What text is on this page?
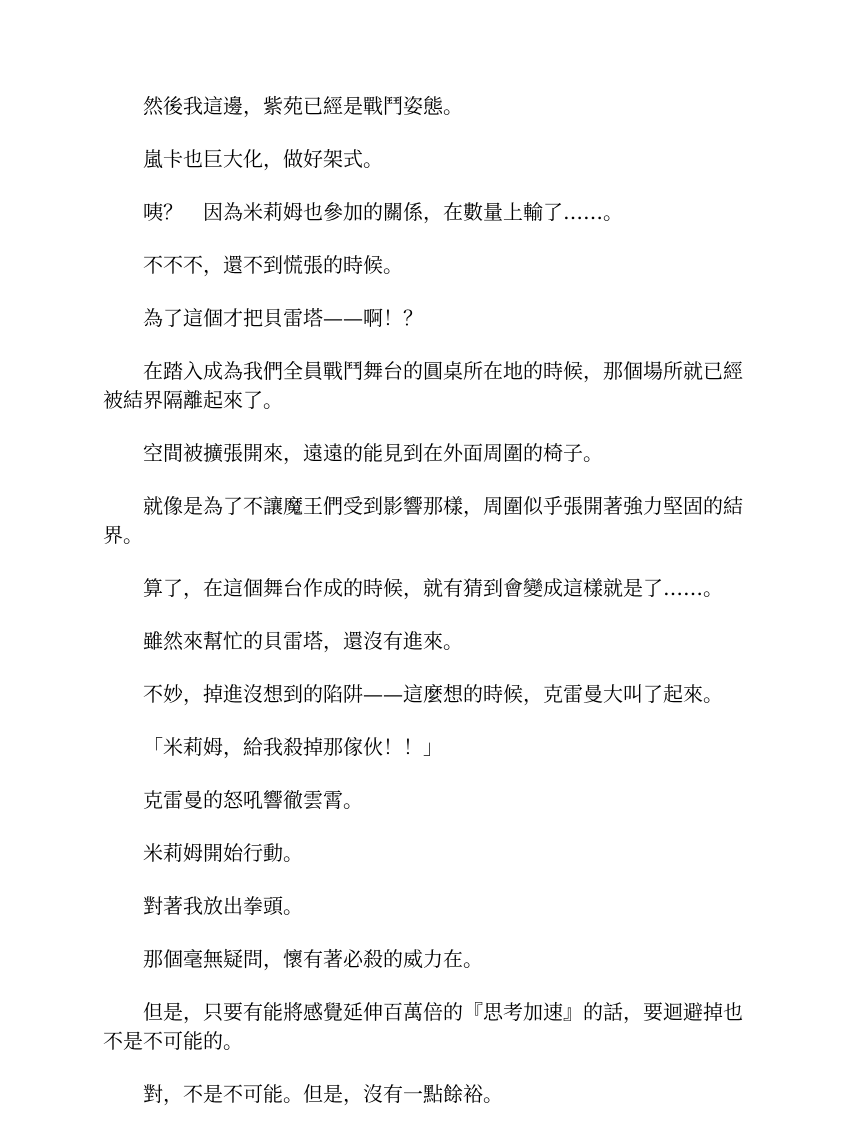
然後我這邊，紫苑已經是戰鬥姿態。

嵐卡也巨大化，做好架式。

咦？　因為米莉姆也參加的關係，在數量上輸了……。

不不不，還不到慌張的時候。

為了這個才把貝雷塔——啊！？

在踏入成為我們全員戰鬥舞台的圓桌所在地的時候，那個場所就已經被結界隔離起來了。

空間被擴張開來，遠遠的能見到在外面周圍的椅子。

就像是為了不讓魔王們受到影響那樣，周圍似乎張開著強力堅固的結界。

算了，在這個舞台作成的時候，就有猜到會變成這樣就是了……。

雖然來幫忙的貝雷塔，還沒有進來。

不妙，掉進沒想到的陷阱——這麼想的時候，克雷曼大叫了起來。

「米莉姆，給我殺掉那傢伙！！」

克雷曼的怒吼響徹雲霄。

米莉姆開始行動。

對著我放出拳頭。

那個毫無疑問，懷有著必殺的威力在。

但是，只要有能將感覺延伸百萬倍的『思考加速』的話，要迴避掉也不是不可能的。

對，不是不可能。但是，沒有一點餘裕。
